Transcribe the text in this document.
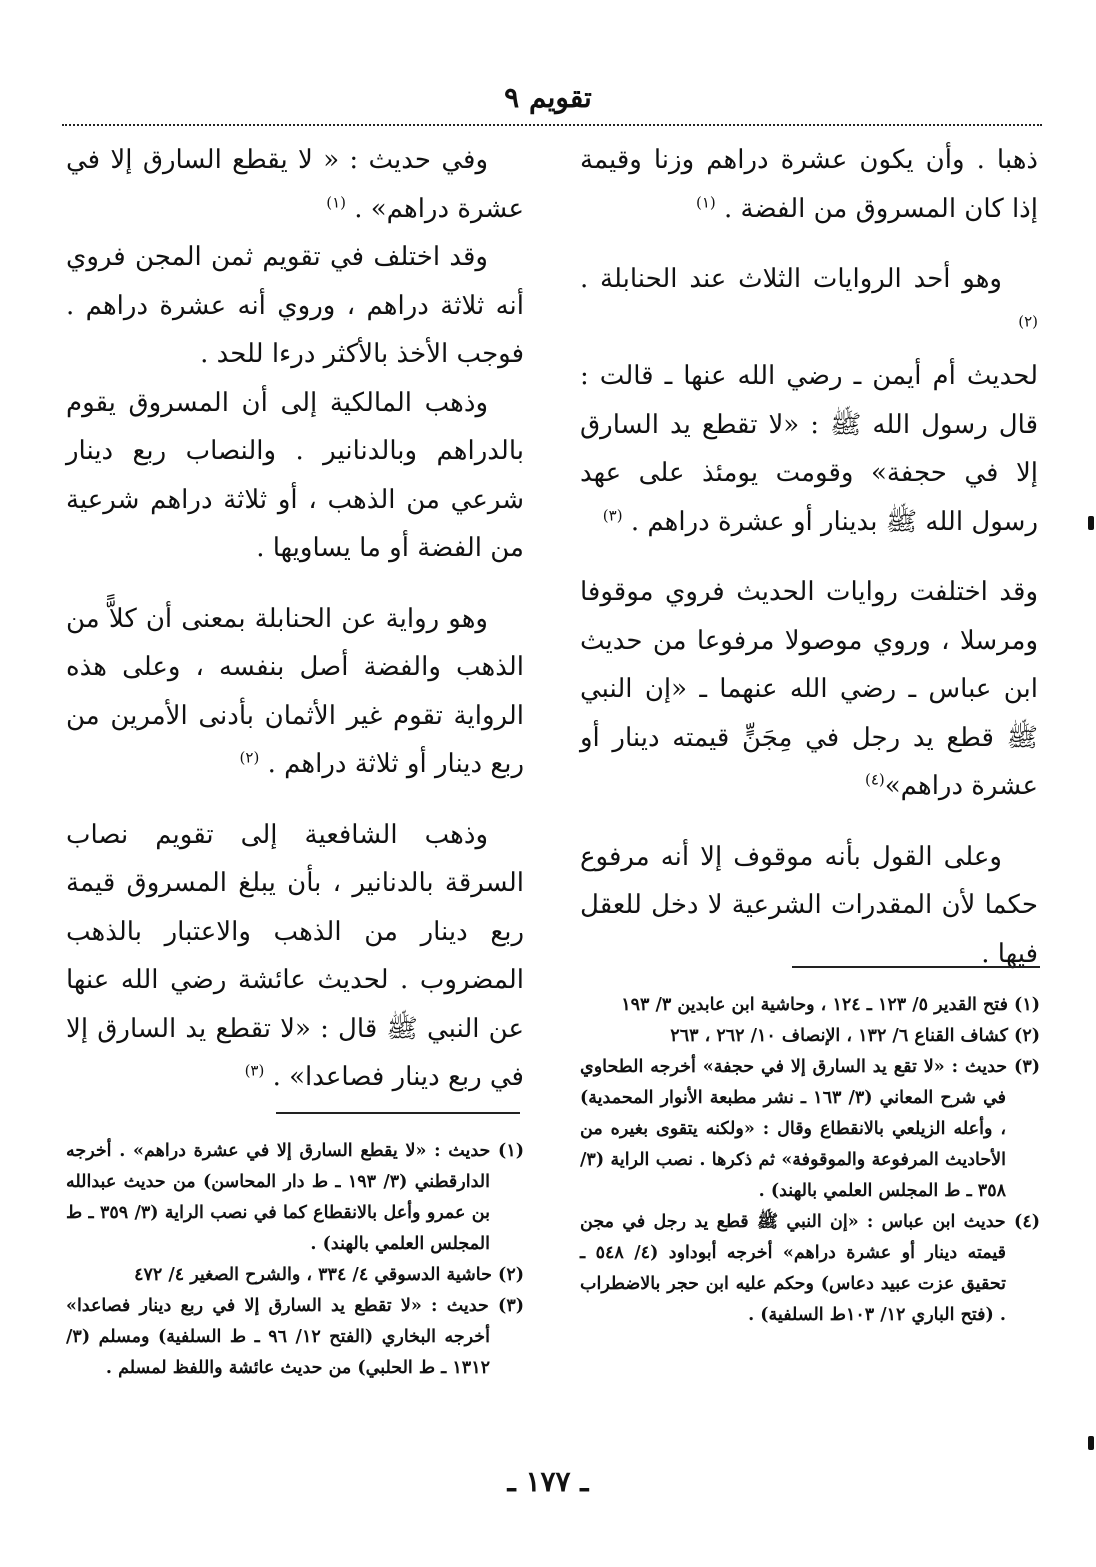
تقويم ٩

ذهبا . وأن يكون عشرة دراهم وزنا وقيمة إذا كان المسروق من الفضة . $^{(١)}$

وهو أحد الروايات الثلاث عند الحنابلة . $^{(٢)}$

لحديث أم أيمن ـ رضي الله عنها ـ قالت : قال رسول الله ﷺ : «لا تقطع يد السارق إلا في حجفة» وقومت يومئذ على عهد رسول الله ﷺ بدينار أو عشرة دراهم . $^{(٣)}$

وقد اختلفت روايات الحديث فروي موقوفا ومرسلا ، وروي موصولا مرفوعا من حديث ابن عباس ـ رضي الله عنهما ـ «إن النبي ﷺ قطع يد رجل في مِجَنٍّ قيمته دينار أو عشرة دراهم»$^{(٤)}$

وعلى القول بأنه موقوف إلا أنه مرفوع حكما لأن المقدرات الشرعية لا دخل للعقل فيها .

وفي حديث : « لا يقطع السارق إلا في عشرة دراهم» . $^{(١)}$

وقد اختلف في تقويم ثمن المجن فروي أنه ثلاثة دراهم ، وروي أنه عشرة دراهم . فوجب الأخذ بالأكثر درءا للحد .

وذهب المالكية إلى أن المسروق يقوم بالدراهم وبالدنانير . والنصاب ربع دينار شرعي من الذهب ، أو ثلاثة دراهم شرعية من الفضة أو ما يساويها .

وهو رواية عن الحنابلة بمعنى أن كلاًّ من الذهب والفضة أصل بنفسه ، وعلى هذه الرواية تقوم غير الأثمان بأدنى الأمرين من ربع دينار أو ثلاثة دراهم . $^{(٢)}$

وذهب الشافعية إلى تقويم نصاب السرقة بالدنانير ، بأن يبلغ المسروق قيمة ربع دينار من الذهب والاعتبار بالذهب المضروب . لحديث عائشة رضي الله عنها عن النبي ﷺ قال : «لا تقطع يد السارق إلا في ربع دينار فصاعدا» . $^{(٣)}$

(١) فتح القدير ٥/ ١٢٣ ـ ١٢٤ ، وحاشية ابن عابدين ٣/ ١٩٣

(٢) كشاف القناع ٦/ ١٣٢ ، الإنصاف ١٠/ ٢٦٢ ، ٢٦٣

(٣) حديث : «لا تقع يد السارق إلا في حجفة» أخرجه الطحاوي في شرح المعاني (٣/ ١٦٣ ـ نشر مطبعة الأنوار المحمدية) ، وأعله الزيلعي بالانقطاع وقال : «ولكنه يتقوى بغيره من الأحاديث المرفوعة والموقوفة» ثم ذكرها . نصب الراية (٣/ ٣٥٨ ـ ط المجلس العلمي بالهند) .

(٤) حديث ابن عباس : «إن النبي ﷺ قطع يد رجل في مجن قيمته دينار أو عشرة دراهم» أخرجه أبوداود (٤/ ٥٤٨ ـ تحقيق عزت عبيد دعاس) وحكم عليه ابن حجر بالاضطراب . (فتح الباري ١٢/ ١٠٣ط السلفية) .

(١) حديث : «لا يقطع السارق إلا في عشرة دراهم» . أخرجه الدارقطني (٣/ ١٩٣ ـ ط دار المحاسن) من حديث عبدالله بن عمرو وأعل بالانقطاع كما في نصب الراية (٣/ ٣٥٩ ـ ط المجلس العلمي بالهند) .

(٢) حاشية الدسوقي ٤/ ٣٣٤ ، والشرح الصغير ٤/ ٤٧٢

(٣) حديث : «لا تقطع يد السارق إلا في ربع دينار فصاعدا» أخرجه البخاري (الفتح ١٢/ ٩٦ ـ ط السلفية) ومسلم (٣/ ١٣١٢ ـ ط الحلبي) من حديث عائشة واللفظ لمسلم .

ـ ١٧٧ ـ
